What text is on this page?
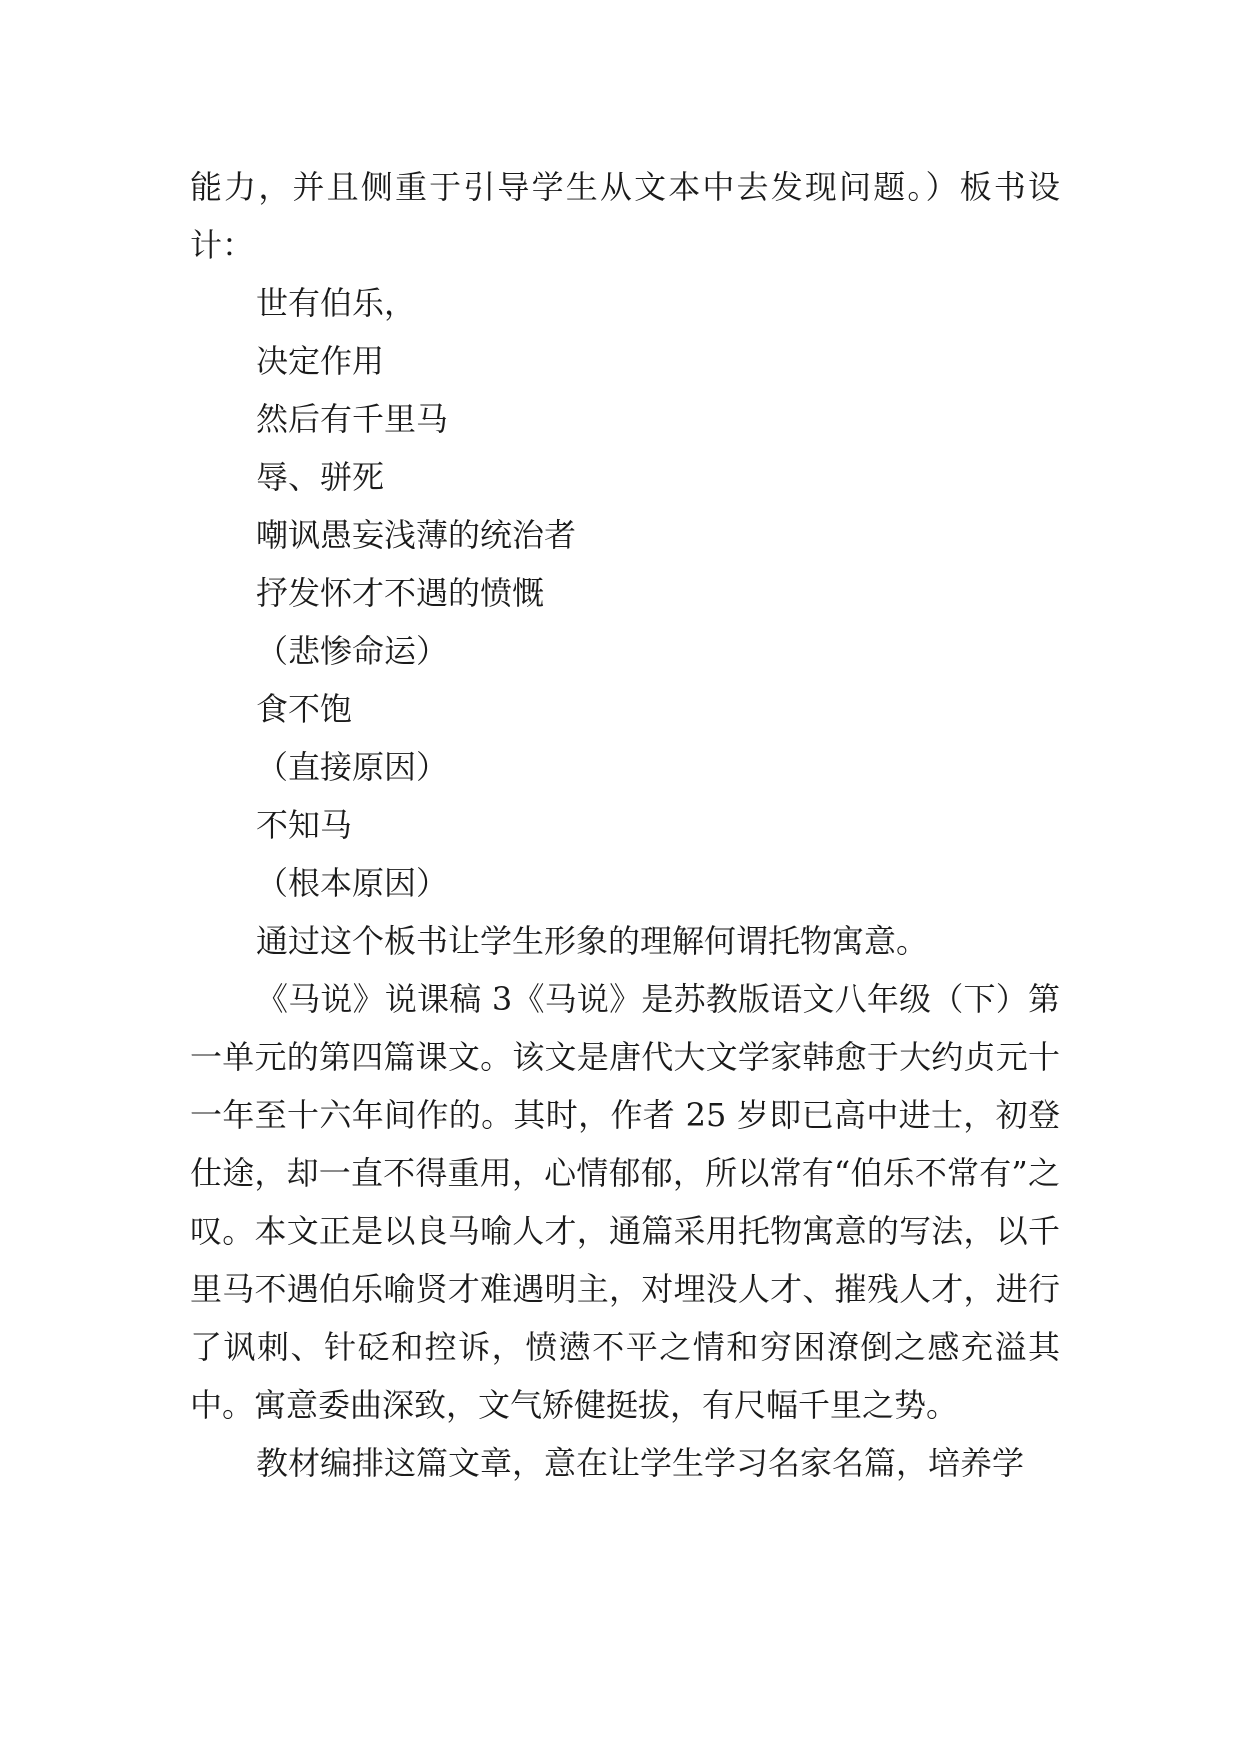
能力，并且侧重于引导学生从文本中去发现问题。）板书设计：

世有伯乐，

决定作用

然后有千里马

辱、骈死

嘲讽愚妄浅薄的统治者

抒发怀才不遇的愤慨

（悲惨命运）

食不饱

（直接原因）

不知马

（根本原因）

通过这个板书让学生形象的理解何谓托物寓意。

《马说》说课稿 3《马说》是苏教版语文八年级（下）第一单元的第四篇课文。该文是唐代大文学家韩愈于大约贞元十一年至十六年间作的。其时，作者 25 岁即已高中进士，初登仕途，却一直不得重用，心情郁郁，所以常有“伯乐不常有”之叹。本文正是以良马喻人才，通篇采用托物寓意的写法，以千里马不遇伯乐喻贤才难遇明主，对埋没人才、摧残人才，进行了讽刺、针砭和控诉，愤懑不平之情和穷困潦倒之感充溢其中。寓意委曲深致，文气矫健挺拔，有尺幅千里之势。

教材编排这篇文章，意在让学生学习名家名篇，培养学
